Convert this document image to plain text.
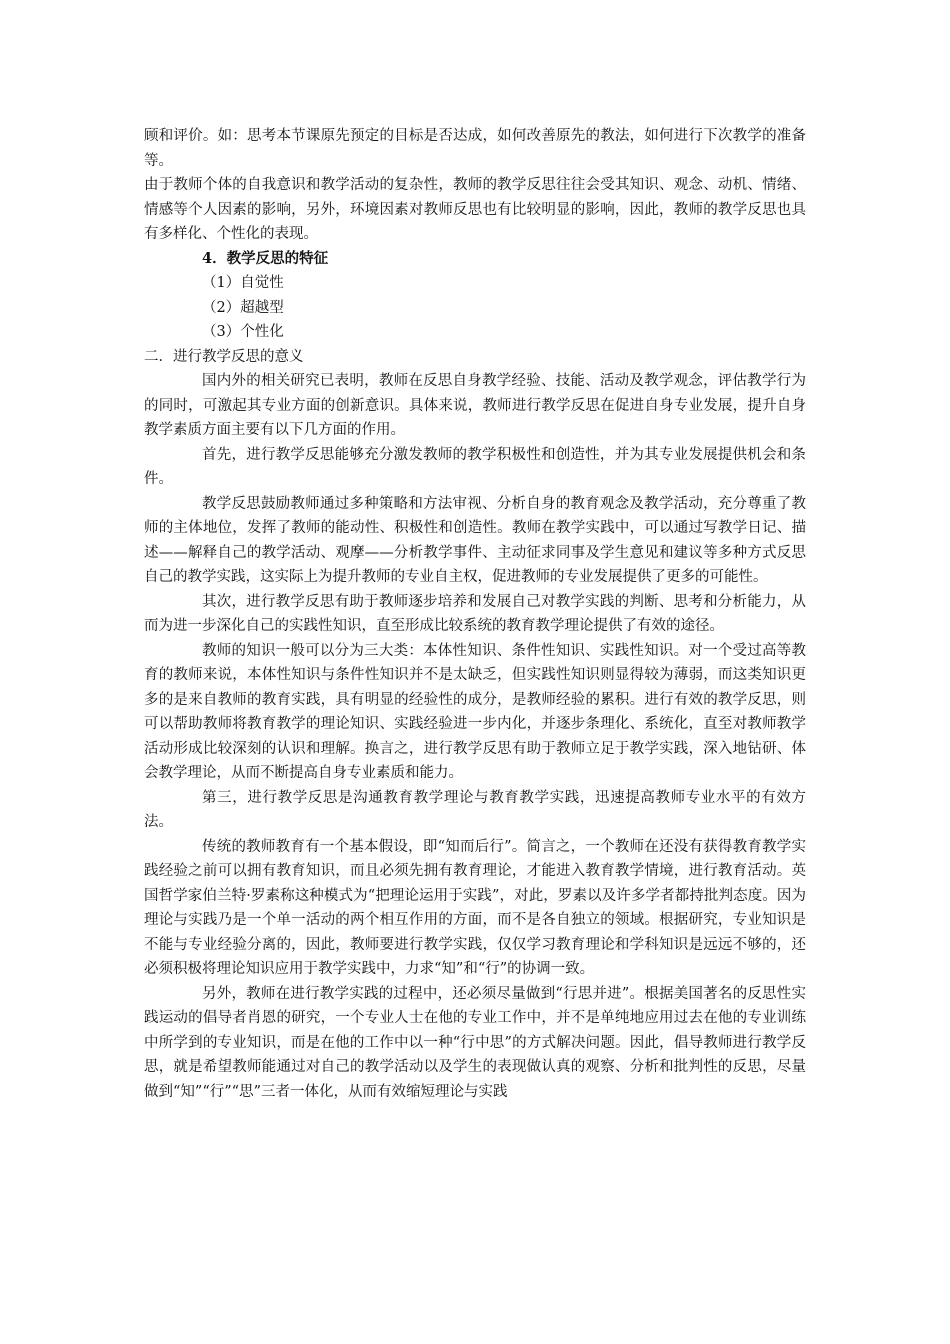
顾和评价。如：思考本节课原先预定的目标是否达成，如何改善原先的教法，如何进行下次教学的准备等。

由于教师个体的自我意识和教学活动的复杂性，教师的教学反思往往会受其知识、观念、动机、情绪、情感等个人因素的影响，另外，环境因素对教师反思也有比较明显的影响，因此，教师的教学反思也具有多样化、个性化的表现。

4．教学反思的特征

（1）自觉性

（2）超越型

（3）个性化

二．进行教学反思的意义

国内外的相关研究已表明，教师在反思自身教学经验、技能、活动及教学观念，评估教学行为的同时，可激起其专业方面的创新意识。具体来说，教师进行教学反思在促进自身专业发展，提升自身教学素质方面主要有以下几方面的作用。

首先，进行教学反思能够充分激发教师的教学积极性和创造性，并为其专业发展提供机会和条件。

教学反思鼓励教师通过多种策略和方法审视、分析自身的教育观念及教学活动，充分尊重了教师的主体地位，发挥了教师的能动性、积极性和创造性。教师在教学实践中，可以通过写教学日记、描述——解释自己的教学活动、观摩——分析教学事件、主动征求同事及学生意见和建议等多种方式反思自己的教学实践，这实际上为提升教师的专业自主权，促进教师的专业发展提供了更多的可能性。

其次，进行教学反思有助于教师逐步培养和发展自己对教学实践的判断、思考和分析能力，从而为进一步深化自己的实践性知识，直至形成比较系统的教育教学理论提供了有效的途径。

教师的知识一般可以分为三大类：本体性知识、条件性知识、实践性知识。对一个受过高等教育的教师来说，本体性知识与条件性知识并不是太缺乏，但实践性知识则显得较为薄弱，而这类知识更多的是来自教师的教育实践，具有明显的经验性的成分，是教师经验的累积。进行有效的教学反思，则可以帮助教师将教育教学的理论知识、实践经验进一步内化，并逐步条理化、系统化，直至对教师教学活动形成比较深刻的认识和理解。换言之，进行教学反思有助于教师立足于教学实践，深入地钻研、体会教学理论，从而不断提高自身专业素质和能力。

第三，进行教学反思是沟通教育教学理论与教育教学实践，迅速提高教师专业水平的有效方法。

传统的教师教育有一个基本假设，即“知而后行”。简言之，一个教师在还没有获得教育教学实践经验之前可以拥有教育知识，而且必须先拥有教育理论，才能进入教育教学情境，进行教育活动。英国哲学家伯兰特·罗素称这种模式为“把理论运用于实践”，对此，罗素以及许多学者都持批判态度。因为理论与实践乃是一个单一活动的两个相互作用的方面，而不是各自独立的领域。根据研究，专业知识是不能与专业经验分离的，因此，教师要进行教学实践，仅仅学习教育理论和学科知识是远远不够的，还必须积极将理论知识应用于教学实践中，力求“知”和“行”的协调一致。

另外，教师在进行教学实践的过程中，还必须尽量做到“行思并进”。根据美国著名的反思性实践运动的倡导者肖恩的研究，一个专业人士在他的专业工作中，并不是单纯地应用过去在他的专业训练中所学到的专业知识，而是在他的工作中以一种“行中思”的方式解决问题。因此，倡导教师进行教学反思，就是希望教师能通过对自己的教学活动以及学生的表现做认真的观察、分析和批判性的反思，尽量做到“知”“行”“思”三者一体化，从而有效缩短理论与实践
